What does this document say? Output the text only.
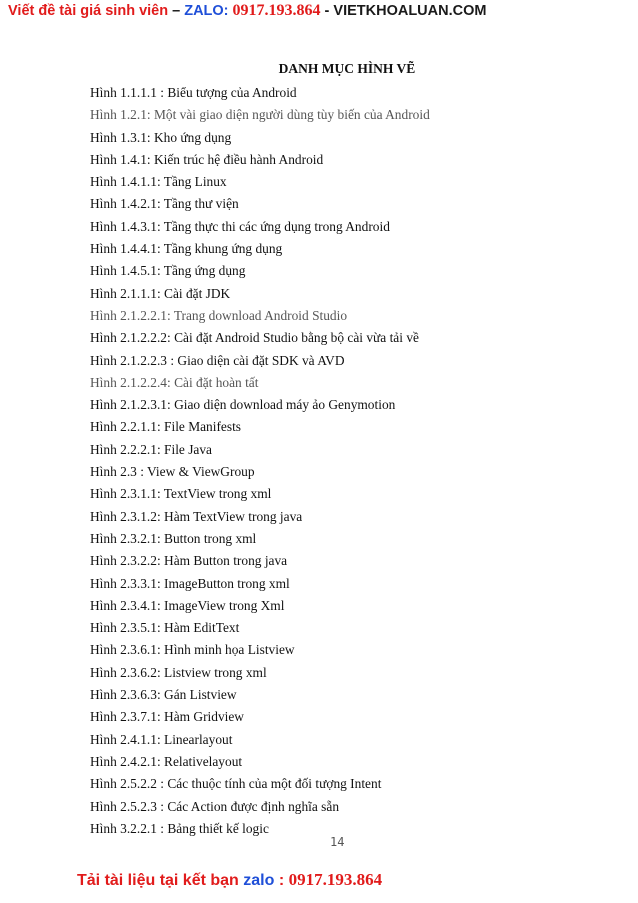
Viết đề tài giá sinh viên – ZALO: 0917.193.864 - VIETKHOALUAN.COM
DANH MỤC HÌNH VẼ
Hình 1.1.1.1 : Biểu tượng của Android
Hình 1.2.1: Một vài giao diện người dùng tùy biến của Android
Hình 1.3.1: Kho ứng dụng
Hình 1.4.1: Kiến trúc hệ điều hành Android
Hình 1.4.1.1: Tầng Linux
Hình 1.4.2.1: Tầng thư viện
Hình 1.4.3.1: Tầng thực thi các ứng dụng trong Android
Hình 1.4.4.1: Tầng khung ứng dụng
Hình 1.4.5.1: Tầng ứng dụng
Hình 2.1.1.1: Cài đặt JDK
Hình 2.1.2.2.1: Trang download Android Studio
Hình 2.1.2.2.2: Cài đặt Android Studio bằng bộ cài vừa tải về
Hình 2.1.2.2.3 : Giao diện cài đặt SDK và AVD
Hình 2.1.2.2.4: Cài đặt hoàn tất
Hình 2.1.2.3.1: Giao diện download máy ảo Genymotion
Hình 2.2.1.1: File Manifests
Hình 2.2.2.1: File Java
Hình 2.3 : View & ViewGroup
Hình 2.3.1.1: TextView trong xml
Hình 2.3.1.2: Hàm TextView trong java
Hình 2.3.2.1: Button trong xml
Hình 2.3.2.2: Hàm Button trong java
Hình 2.3.3.1: ImageButton trong xml
Hình 2.3.4.1: ImageView trong Xml
Hình 2.3.5.1: Hàm EditText
Hình 2.3.6.1: Hình minh họa Listview
Hình 2.3.6.2: Listview trong xml
Hình 2.3.6.3: Gán Listview
Hình 2.3.7.1: Hàm Gridview
Hình 2.4.1.1: Linearlayout
Hình 2.4.2.1: Relativelayout
Hình 2.5.2.2 : Các thuộc tính của một đối tượng Intent
Hình 2.5.2.3 : Các Action được định nghĩa sẵn
Hình 3.2.2.1 : Bảng thiết kế logic
14
Tải tài liệu tại kết bạn zalo : 0917.193.864
